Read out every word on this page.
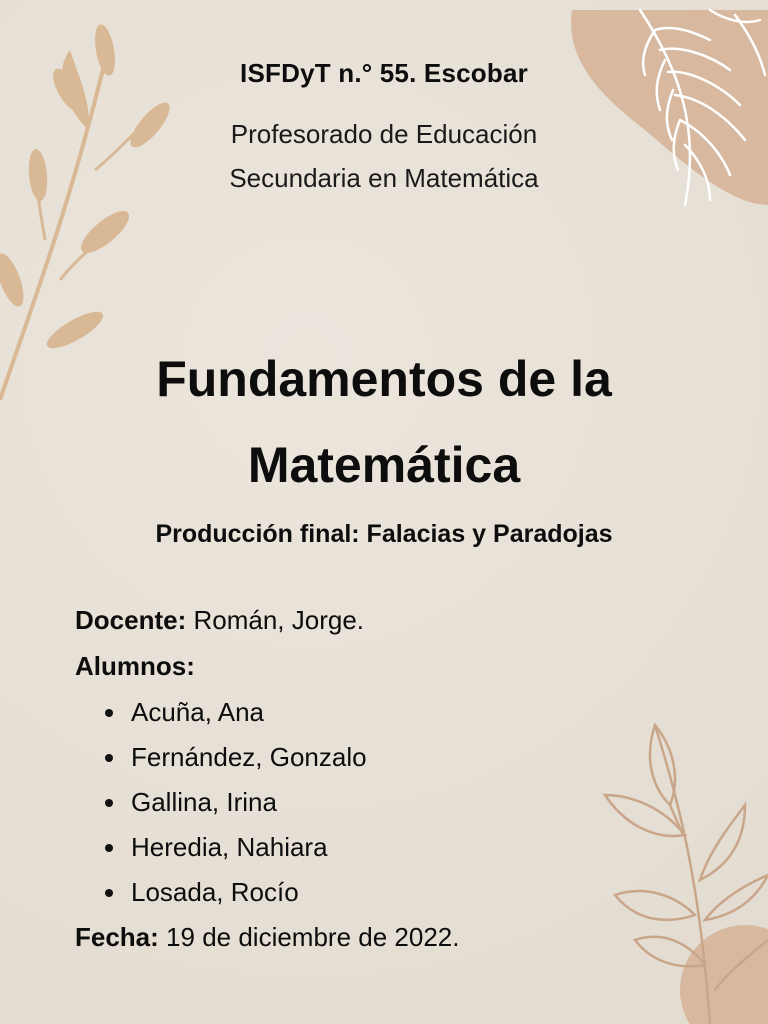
ISFDyT n.° 55. Escobar
Profesorado de Educación
Secundaria en Matemática
Fundamentos de la
Matemática
Producción final: Falacias y Paradojas
Docente: Román, Jorge.
Alumnos:
Acuña, Ana
Fernández, Gonzalo
Gallina, Irina
Heredia, Nahiara
Losada, Rocío
Fecha: 19 de diciembre de 2022.
